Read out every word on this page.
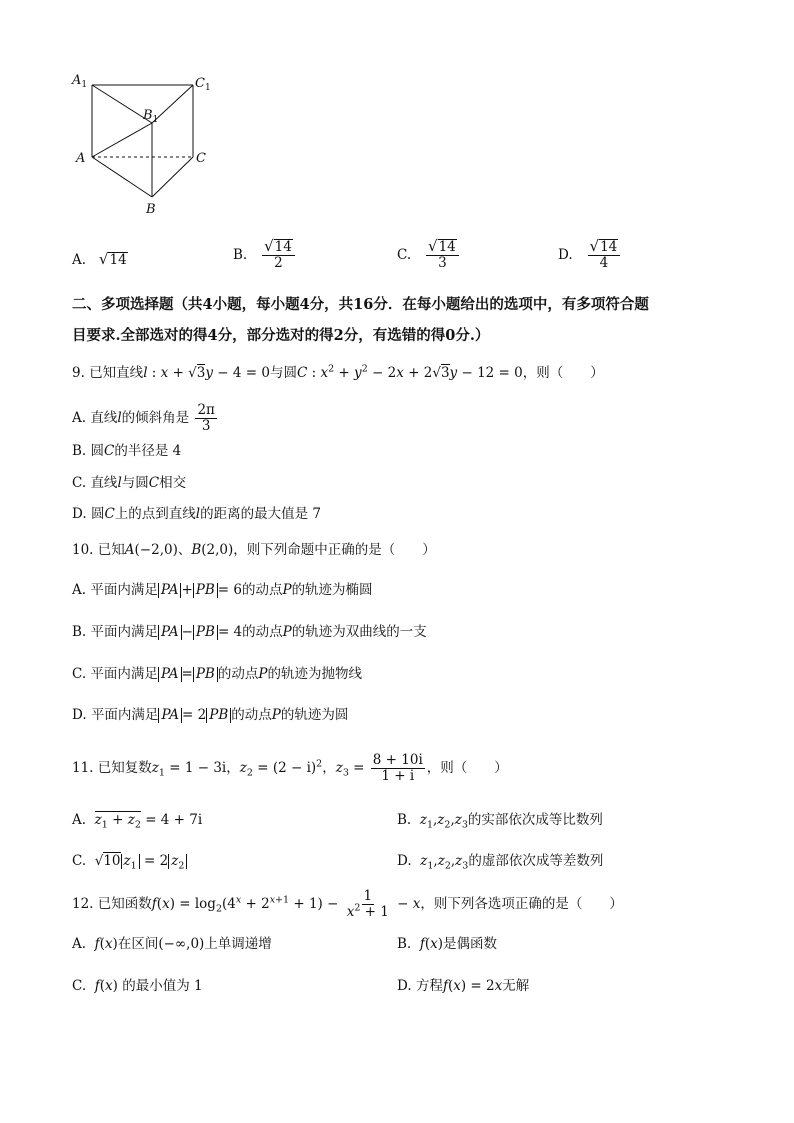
$A_1$	$C_1$
$B_1$
A	C
B
A. √14	B. $\frac{√14}{2}$	C. $\frac{√14}{3}$	D. $\frac{√14}{4}$
二、多项选择题（共4小题，每小题4分，共16分．在每小题给出的选项中，有多项符合题
目要求.全部选对的得4分，部分选对的得2分，有选错的得0分.）
9. 已知直线l : x + √3y − 4 = 0与圆C : $x^2 + y^2 - 2x + 2√3y - 12 = 0$，则（　　）
A. 直线l的倾斜角是 $\frac{2\pi}{3}$
B. 圆C的半径是 4
C. 直线l与圆C相交
D. 圆C上的点到直线l的距离的最大值是 7
10. 已知A(−2,0)、B(2,0)，则下列命题中正确的是（　　）
A. 平面内满足 PA + PB = 6的动点P的轨迹为椭圆
B. 平面内满足 PA − PB = 4的动点P的轨迹为双曲线的一支
C. 平面内满足 PA = PB 的动点P的轨迹为抛物线
D. 平面内满足 PA = 2 PB 的动点P的轨迹为圆
11. 已知复数$z_1 = 1 - 3i$，$z_2 = (2 - i)^2$，$z_3 = \frac{8 + 10i}{1 + i}$ ，则（　　）
A. $z_1 + z_2 = 4 + 7i$	B. $z_1,z_2,z_3$的实部依次成等比数列
C.  √10 $z_1 = 2$ $z_2$	D. $z_1,z_2,z_3$的虚部依次成等差数列
12. 已知函数$f(x) = \log_2(4^x + 2^{x+1} + 1) - \frac{1}{x^2 + 1} - x$，则下列各选项正确的是（　　）
A. f(x)在区间(−∞,0)上单调递增	B. f(x)是偶函数
C. f(x) 的最小值为 1	D. 方程f(x) = 2x无解
